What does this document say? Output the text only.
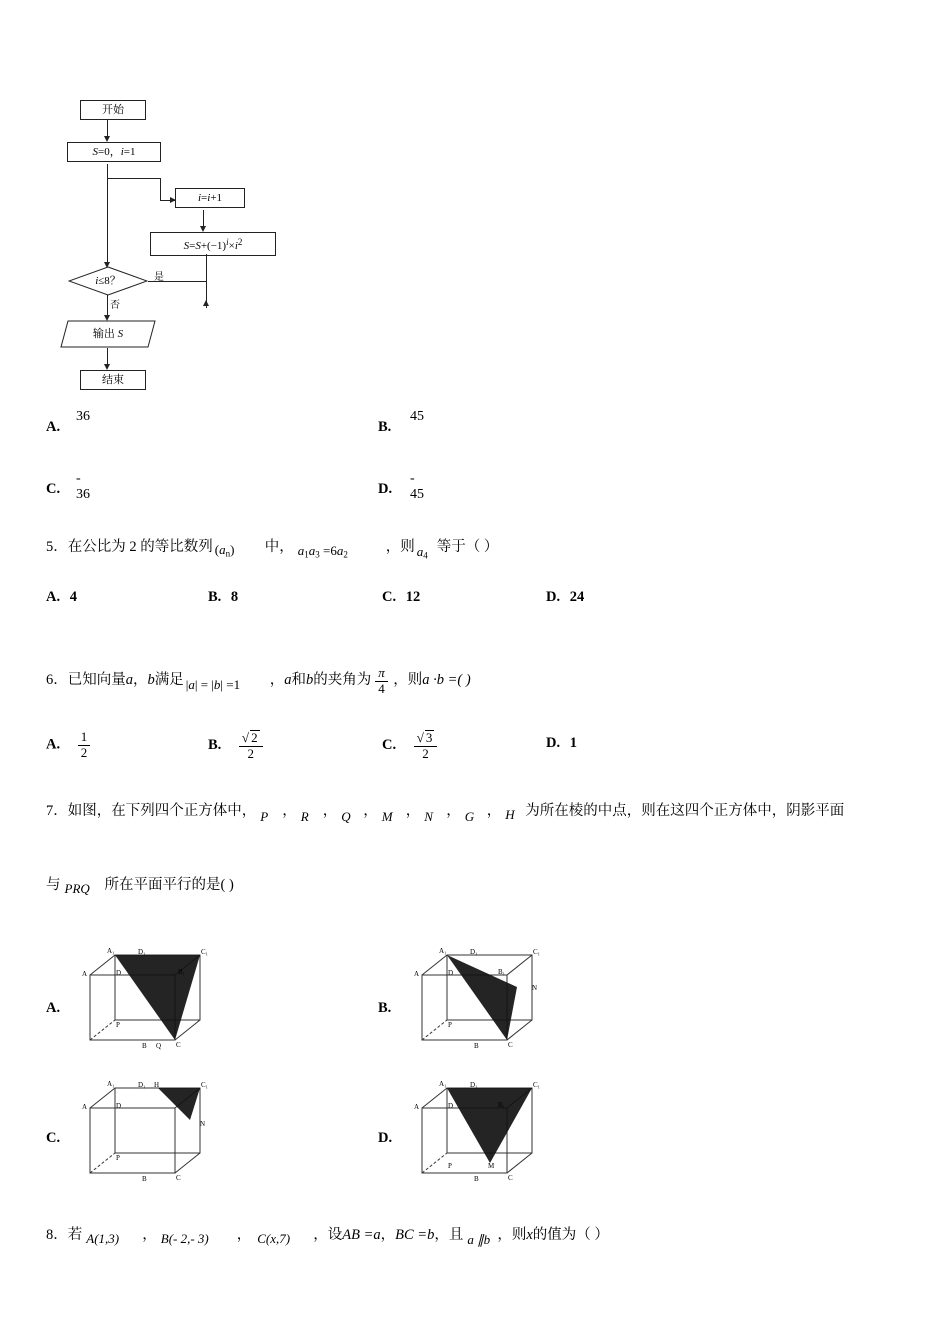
开始
S=0，i=1
i=i+1
$S=S+(-1)^i\times i^2$
i≤8？	是
否
输出 S
结束
A.
36
B.
45
C.
- 36	D.
- 45
5．在公比为 2 的等比数列 $(a_n)$ 中， $a_1a_3 =6a_2$	，则 $a_4$
等于（ ）
A. 4	B. 8	C. 12	D. 24
6．已知向量a，b满足 |a| = |b| =1 ，a和b的夹角为 $\frac{\pi}{4}$ ，则a ·b =( )
A. $\frac{1}{2}$	B. $\frac{√ 2}{2}$	C. $\frac{√ 3}{2}$	D. 1
7．如图，在下列四个正方体中， P ， R ， Q ， M ， N ， G ， H 为所在棱的中点，则在这四个正方体中，阴影平面
与 PRQ 所在平面平行的是( )
A.	B.
C.	D.
A₁	D₁	C₁
B₁
A	D
C
B
P
Q
A₁	D₁	C₁
B₁
A	D
C
B
P
N
A₁	D₁	C₁
H
A	D
C
B
P
N
A₁	D₁	C₁
B₁
A	D
C
B
P	M
8．若 A(1,3) ， B(- 2,- 3) ， C(x,7) ，设AB =a，BC =b，且 a ∥b ，则x的值为（ ）
